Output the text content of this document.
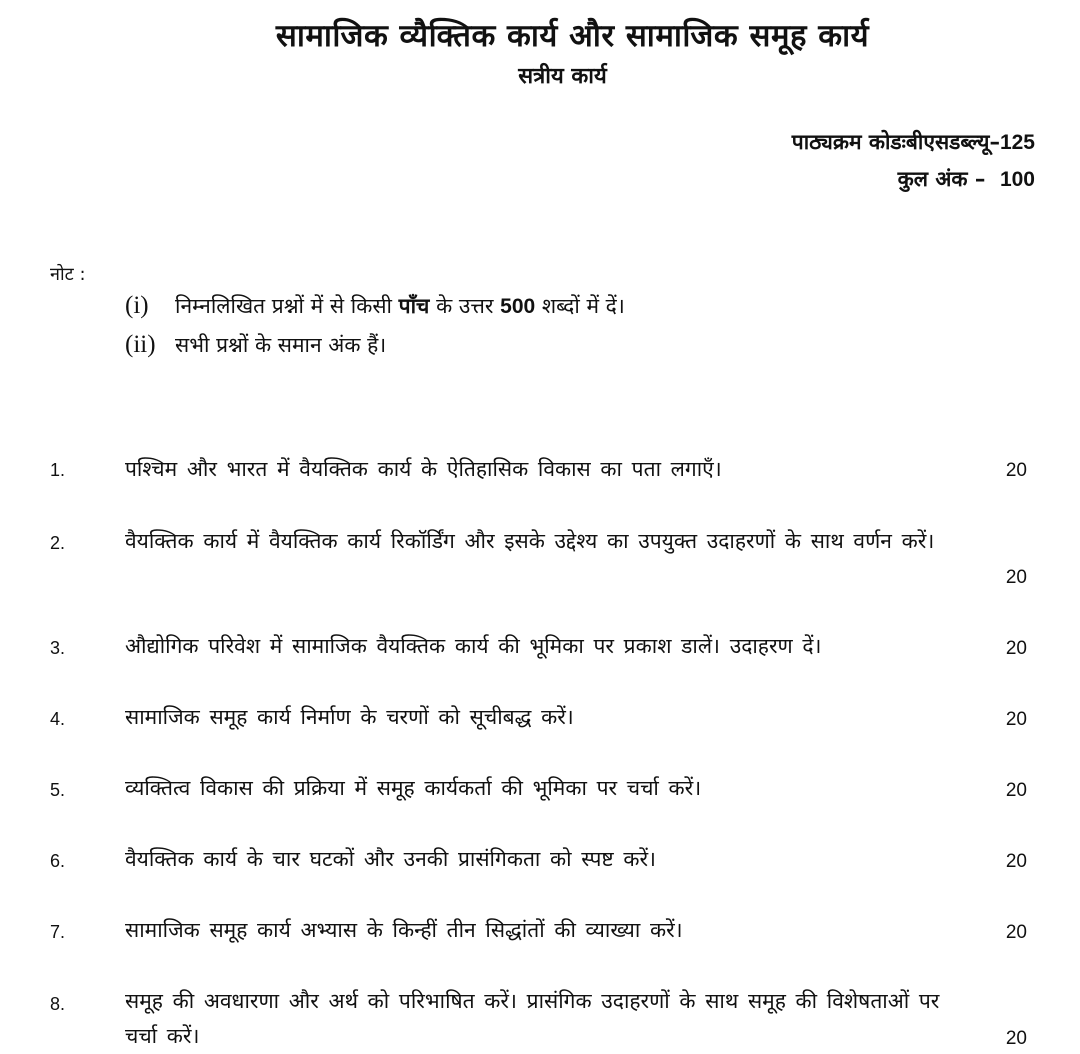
सामाजिक व्यैक्तिक कार्य और सामाजिक समूह कार्य
सत्रीय कार्य
पाठ्यक्रम कोडःबीएसडब्ल्यू–125
कुल अंक – 100
नोट :
(i) निम्नलिखित प्रश्नों में से किसी पाँच के उत्तर 500 शब्दों में दें।
(ii) सभी प्रश्नों के समान अंक हैं।
1.	पश्चिम और भारत में वैयक्तिक कार्य के ऐतिहासिक विकास का पता लगाएँ।	20
2.	वैयक्तिक कार्य में वैयक्तिक कार्य रिकॉर्डिंग और इसके उद्देश्य का उपयुक्त उदाहरणों के साथ वर्णन करें।
20
3.	औद्योगिक परिवेश में सामाजिक वैयक्तिक कार्य की भूमिका पर प्रकाश डालें। उदाहरण दें।	20
4.	सामाजिक समूह कार्य निर्माण के चरणों को सूचीबद्ध करें।	20
5.	व्यक्तित्व विकास की प्रक्रिया में समूह कार्यकर्ता की भूमिका पर चर्चा करें।	20
6.	वैयक्तिक कार्य के चार घटकों और उनकी प्रासंगिकता को स्पष्ट करें।	20
7.	सामाजिक समूह कार्य अभ्यास के किन्हीं तीन सिद्धांतों की व्याख्या करें।	20
8.	समूह की अवधारणा और अर्थ को परिभाषित करें। प्रासंगिक उदाहरणों के साथ समूह की विशेषताओं पर चर्चा करें।	20
